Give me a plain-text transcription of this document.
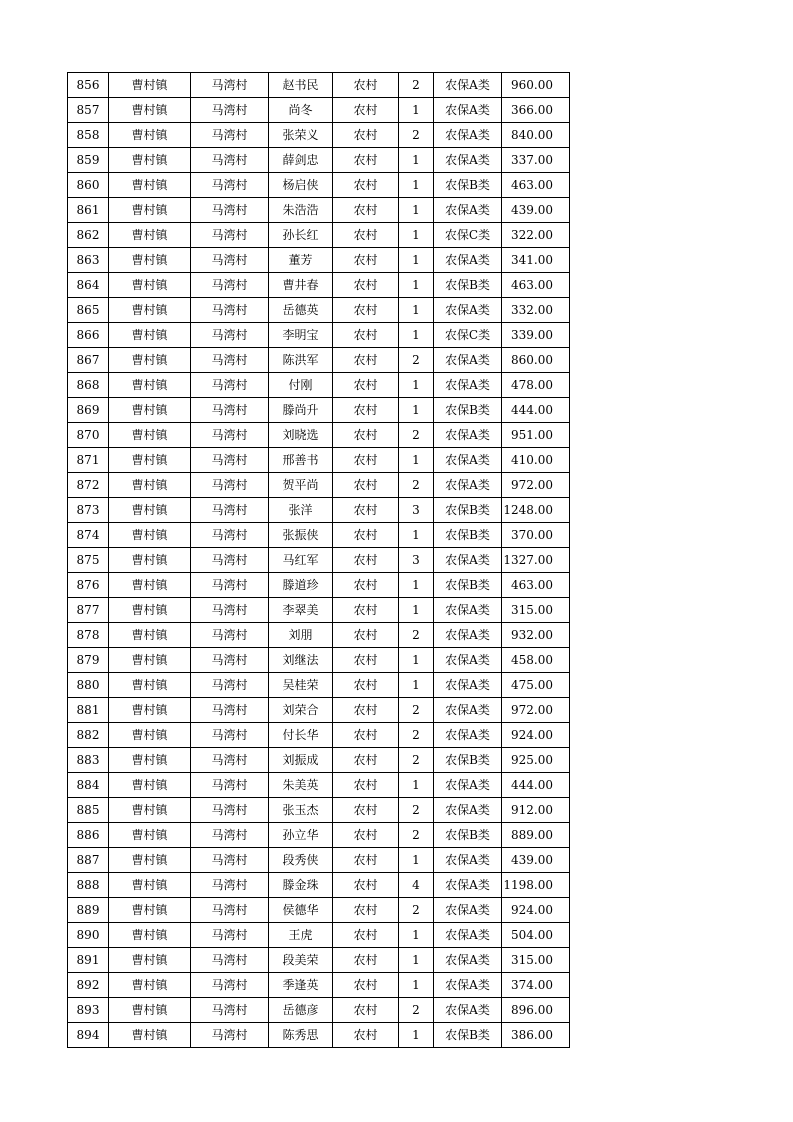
856	曹村镇	马湾村	赵书民	农村	2	农保A类	960.00
857	曹村镇	马湾村	尚冬	农村	1	农保A类	366.00
858	曹村镇	马湾村	张荣义	农村	2	农保A类	840.00
859	曹村镇	马湾村	薛剑忠	农村	1	农保A类	337.00
860	曹村镇	马湾村	杨启侠	农村	1	农保B类	463.00
861	曹村镇	马湾村	朱浩浩	农村	1	农保A类	439.00
862	曹村镇	马湾村	孙长红	农村	1	农保C类	322.00
863	曹村镇	马湾村	董芳	农村	1	农保A类	341.00
864	曹村镇	马湾村	曹井春	农村	1	农保B类	463.00
865	曹村镇	马湾村	岳德英	农村	1	农保A类	332.00
866	曹村镇	马湾村	李明宝	农村	1	农保C类	339.00
867	曹村镇	马湾村	陈洪军	农村	2	农保A类	860.00
868	曹村镇	马湾村	付刚	农村	1	农保A类	478.00
869	曹村镇	马湾村	滕尚升	农村	1	农保B类	444.00
870	曹村镇	马湾村	刘晓选	农村	2	农保A类	951.00
871	曹村镇	马湾村	邢善书	农村	1	农保A类	410.00
872	曹村镇	马湾村	贺平尚	农村	2	农保A类	972.00
873	曹村镇	马湾村	张洋	农村	3	农保B类	1248.00
874	曹村镇	马湾村	张振侠	农村	1	农保B类	370.00
875	曹村镇	马湾村	马红军	农村	3	农保A类	1327.00
876	曹村镇	马湾村	滕道珍	农村	1	农保B类	463.00
877	曹村镇	马湾村	李翠美	农村	1	农保A类	315.00
878	曹村镇	马湾村	刘朋	农村	2	农保A类	932.00
879	曹村镇	马湾村	刘继法	农村	1	农保A类	458.00
880	曹村镇	马湾村	吴桂荣	农村	1	农保A类	475.00
881	曹村镇	马湾村	刘荣合	农村	2	农保A类	972.00
882	曹村镇	马湾村	付长华	农村	2	农保A类	924.00
883	曹村镇	马湾村	刘振成	农村	2	农保B类	925.00
884	曹村镇	马湾村	朱美英	农村	1	农保A类	444.00
885	曹村镇	马湾村	张玉杰	农村	2	农保A类	912.00
886	曹村镇	马湾村	孙立华	农村	2	农保B类	889.00
887	曹村镇	马湾村	段秀侠	农村	1	农保A类	439.00
888	曹村镇	马湾村	滕金珠	农村	4	农保A类	1198.00
889	曹村镇	马湾村	侯德华	农村	2	农保A类	924.00
890	曹村镇	马湾村	王虎	农村	1	农保A类	504.00
891	曹村镇	马湾村	段美荣	农村	1	农保A类	315.00
892	曹村镇	马湾村	季逢英	农村	1	农保A类	374.00
893	曹村镇	马湾村	岳德彦	农村	2	农保A类	896.00
894	曹村镇	马湾村	陈秀思	农村	1	农保B类	386.00
